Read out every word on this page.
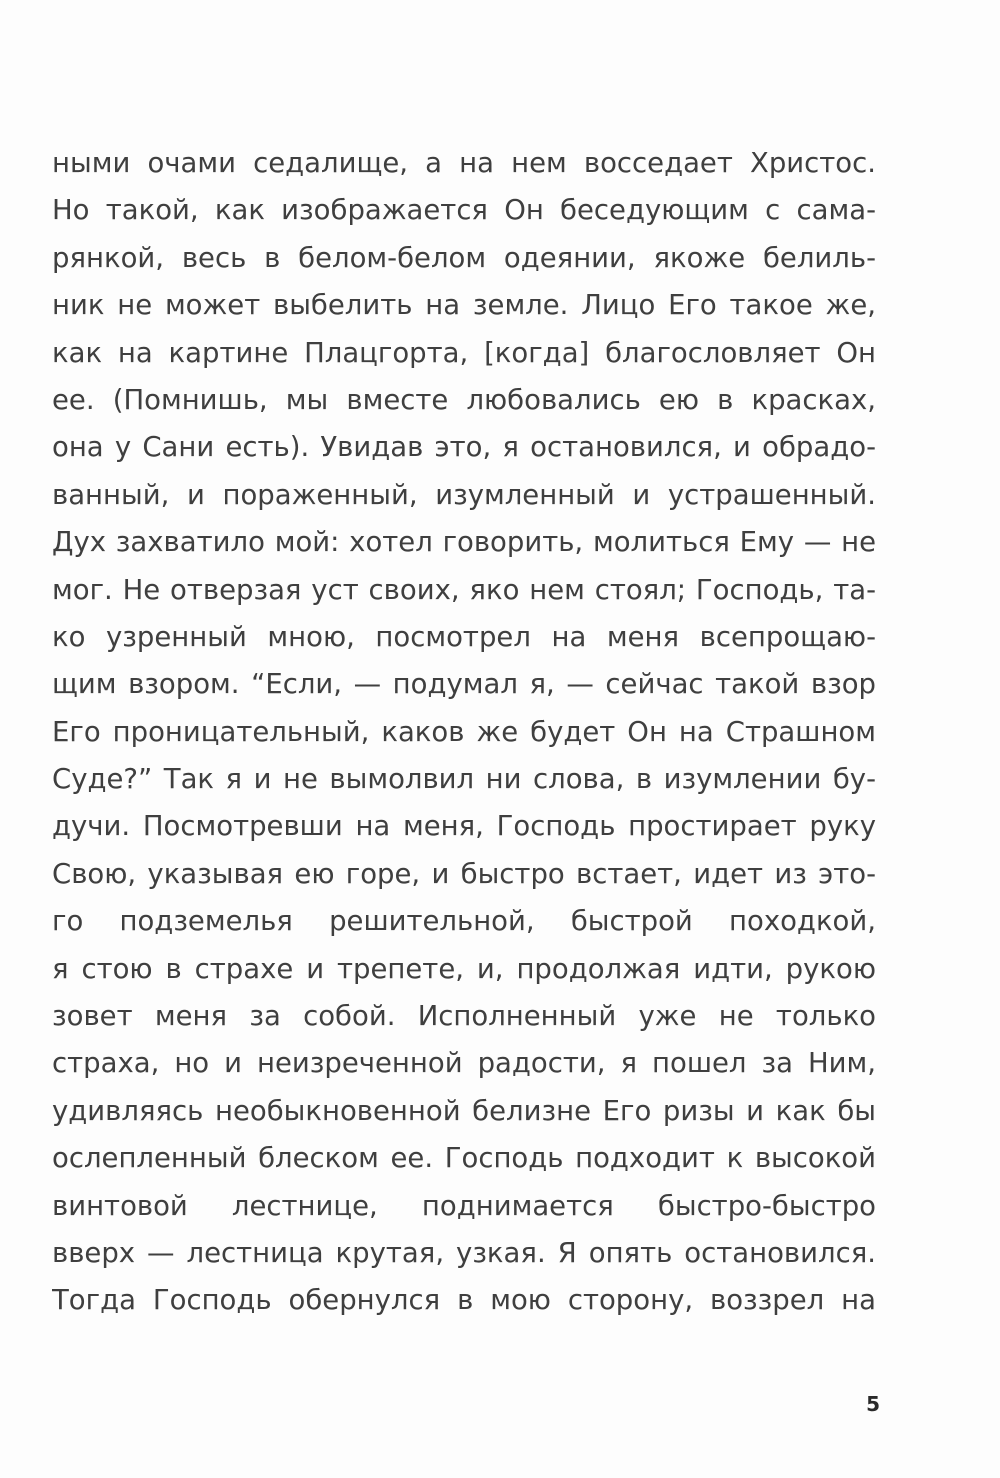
ными очами седалище, а на нем восседает Христос.
Но такой, как изображается Он беседующим с сама-
рянкой, весь в белом-белом одеянии, якоже белиль-
ник не может выбелить на земле. Лицо Его такое же,
как на картине Плацгорта, [когда] благословляет Он
ее. (Помнишь, мы вместе любовались ею в красках,
она у Сани есть). Увидав это, я остановился, и обрадо-
ванный, и пораженный, изумленный и устрашенный.
Дух захватило мой: хотел говорить, молиться Ему — не
мог. Не отверзая уст своих, яко нем стоял; Господь, та-
ко узренный мною, посмотрел на меня всепрощаю-
щим взором. “Если, — подумал я, — сейчас такой взор
Его проницательный, каков же будет Он на Страшном
Суде?” Так я и не вымолвил ни слова, в изумлении бу-
дучи. Посмотревши на меня, Господь простирает руку
Свою, указывая ею горе, и быстро встает, идет из это-
го подземелья решительной, быстрой походкой,
я стою в страхе и трепете, и, продолжая идти, рукою
зовет меня за собой. Исполненный уже не только
страха, но и неизреченной радости, я пошел за Ним,
удивляясь необыкновенной белизне Его ризы и как бы
ослепленный блеском ее. Господь подходит к высокой
винтовой лестнице, поднимается быстро-быстро
вверх — лестница крутая, узкая. Я опять остановился.
Тогда Господь обернулся в мою сторону, воззрел на
5
